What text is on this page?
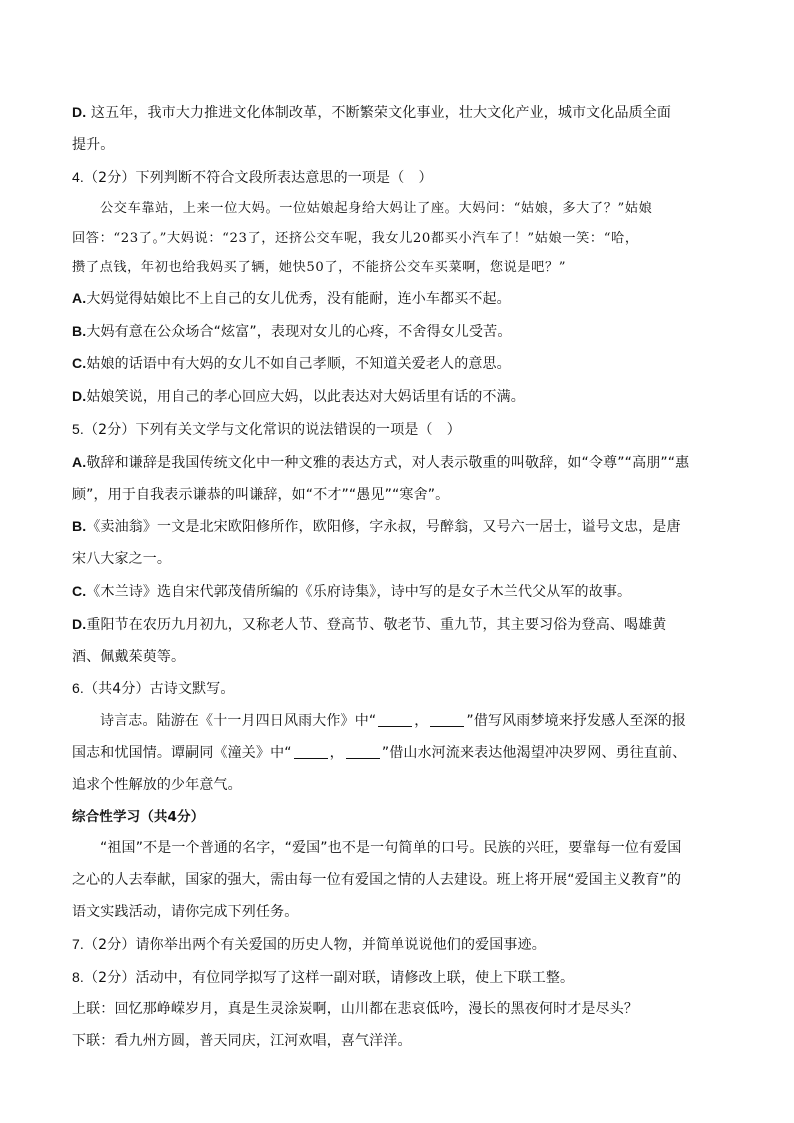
D. 这五年，我市大力推进文化体制改革，不断繁荣文化事业，壮大文化产业，城市文化品质全面
提升。
4.（2分）下列判断不符合文段所表达意思的一项是（　）
公交车靠站，上来一位大妈。一位姑娘起身给大妈让了座。大妈问：“姑娘，多大了？”姑娘
回答：“23了。”大妈说：“23了，还挤公交车呢，我女儿20都买小汽车了！”姑娘一笑：“哈，
攒了点钱，年初也给我妈买了辆，她快50了，不能挤公交车买菜啊，您说是吧？”
A.大妈觉得姑娘比不上自己的女儿优秀，没有能耐，连小车都买不起。
B.大妈有意在公众场合“炫富”，表现对女儿的心疼，不舍得女儿受苦。
C.姑娘的话语中有大妈的女儿不如自己孝顺，不知道关爱老人的意思。
D.姑娘笑说，用自己的孝心回应大妈，以此表达对大妈话里有话的不满。
5.（2分）下列有关文学与文化常识的说法错误的一项是（　）
A.敬辞和谦辞是我国传统文化中一种文雅的表达方式，对人表示敬重的叫敬辞，如“令尊”“高朋”“惠
顾”，用于自我表示谦恭的叫谦辞，如“不才”“愚见”“寒舍”。
B.《卖油翁》一文是北宋欧阳修所作，欧阳修，字永叔，号醉翁，又号六一居士，谥号文忠，是唐
宋八大家之一。
C.《木兰诗》选自宋代郭茂倩所编的《乐府诗集》，诗中写的是女子木兰代父从军的故事。
D.重阳节在农历九月初九，又称老人节、登高节、敬老节、重九节，其主要习俗为登高、喝雄黄
酒、佩戴茱萸等。
6.（共4分）古诗文默写。
诗言志。陆游在《十一月四日风雨大作》中“	，	”借写风雨梦境来抒发感人至深的报
国志和忧国情。谭嗣同《潼关》中“	，	”借山水河流来表达他渴望冲决罗网、勇往直前、
追求个性解放的少年意气。
综合性学习（共4分）
“祖国”不是一个普通的名字，“爱国”也不是一句简单的口号。民族的兴旺，要靠每一位有爱国
之心的人去奉献，国家的强大，需由每一位有爱国之情的人去建设。班上将开展“爱国主义教育”的
语文实践活动，请你完成下列任务。
7.（2分）请你举出两个有关爱国的历史人物，并简单说说他们的爱国事迹。
8.（2分）活动中，有位同学拟写了这样一副对联，请修改上联，使上下联工整。
上联：回忆那峥嵘岁月，真是生灵涂炭啊，山川都在悲哀低吟，漫长的黑夜何时才是尽头？
下联：看九州方圆，普天同庆，江河欢唱，喜气洋洋。
